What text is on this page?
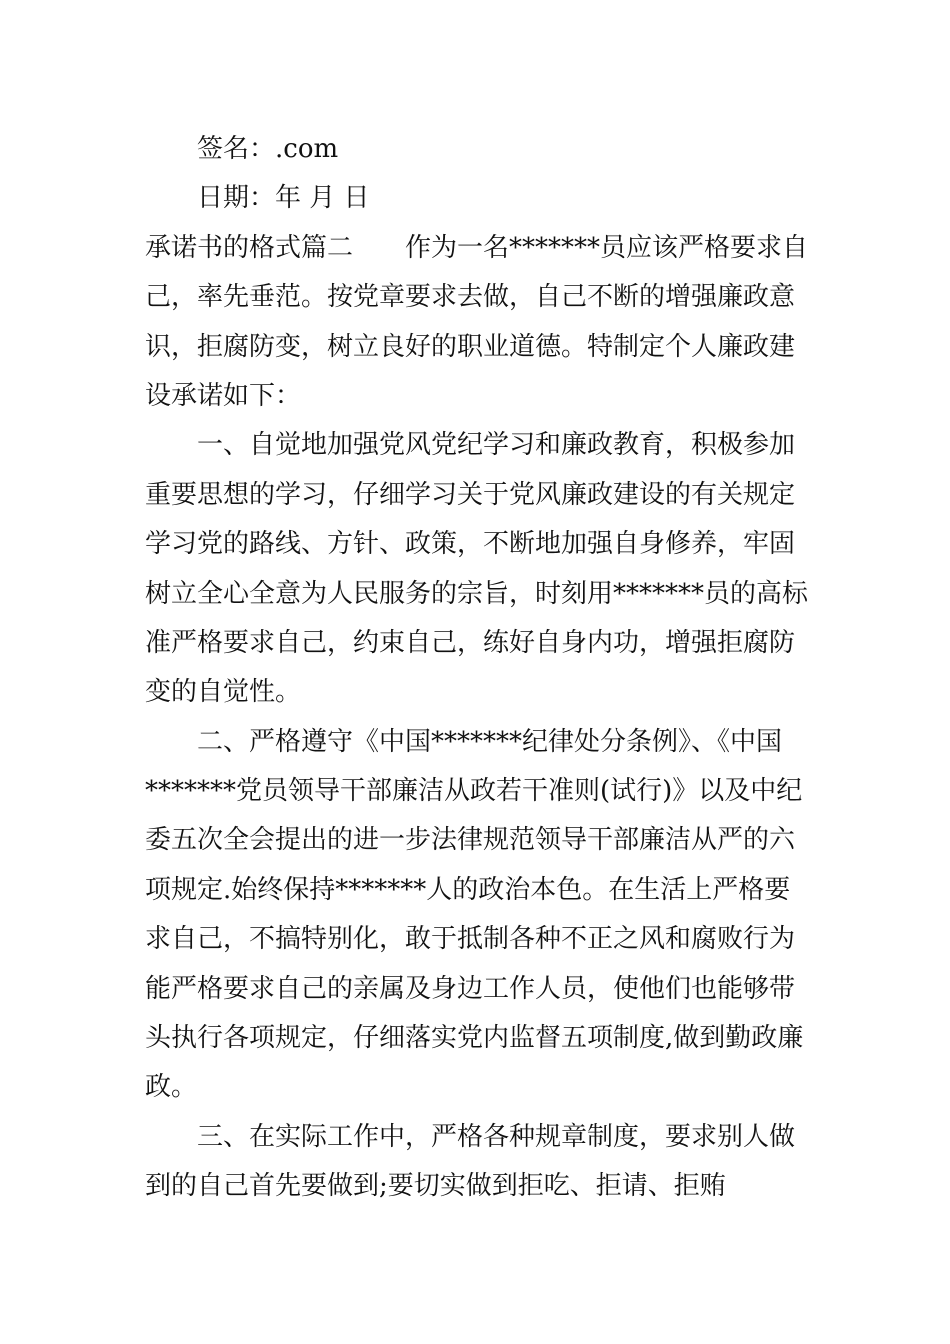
签名：.com
日期：年 月 日
承诺书的格式篇二　　作为一名*******员应该严格要求自
己，率先垂范。按党章要求去做，自己不断的增强廉政意
识，拒腐防变，树立良好的职业道德。特制定个人廉政建
设承诺如下：
一、自觉地加强党风党纪学习和廉政教育，积极参加
重要思想的学习，仔细学习关于党风廉政建设的有关规定
学习党的路线、方针、政策，不断地加强自身修养，牢固
树立全心全意为人民服务的宗旨，时刻用*******员的高标
准严格要求自己，约束自己，练好自身内功，增强拒腐防
变的自觉性。
二、严格遵守《中国*******纪律处分条例》、《中国
*******党员领导干部廉洁从政若干准则(试行)》以及中纪
委五次全会提出的进一步法律规范领导干部廉洁从严的六
项规定.始终保持*******人的政治本色。在生活上严格要
求自己，不搞特别化，敢于抵制各种不正之风和腐败行为
能严格要求自己的亲属及身边工作人员，使他们也能够带
头执行各项规定，仔细落实党内监督五项制度,做到勤政廉
政。
三、在实际工作中，严格各种规章制度，要求别人做
到的自己首先要做到;要切实做到拒吃、拒请、拒贿
